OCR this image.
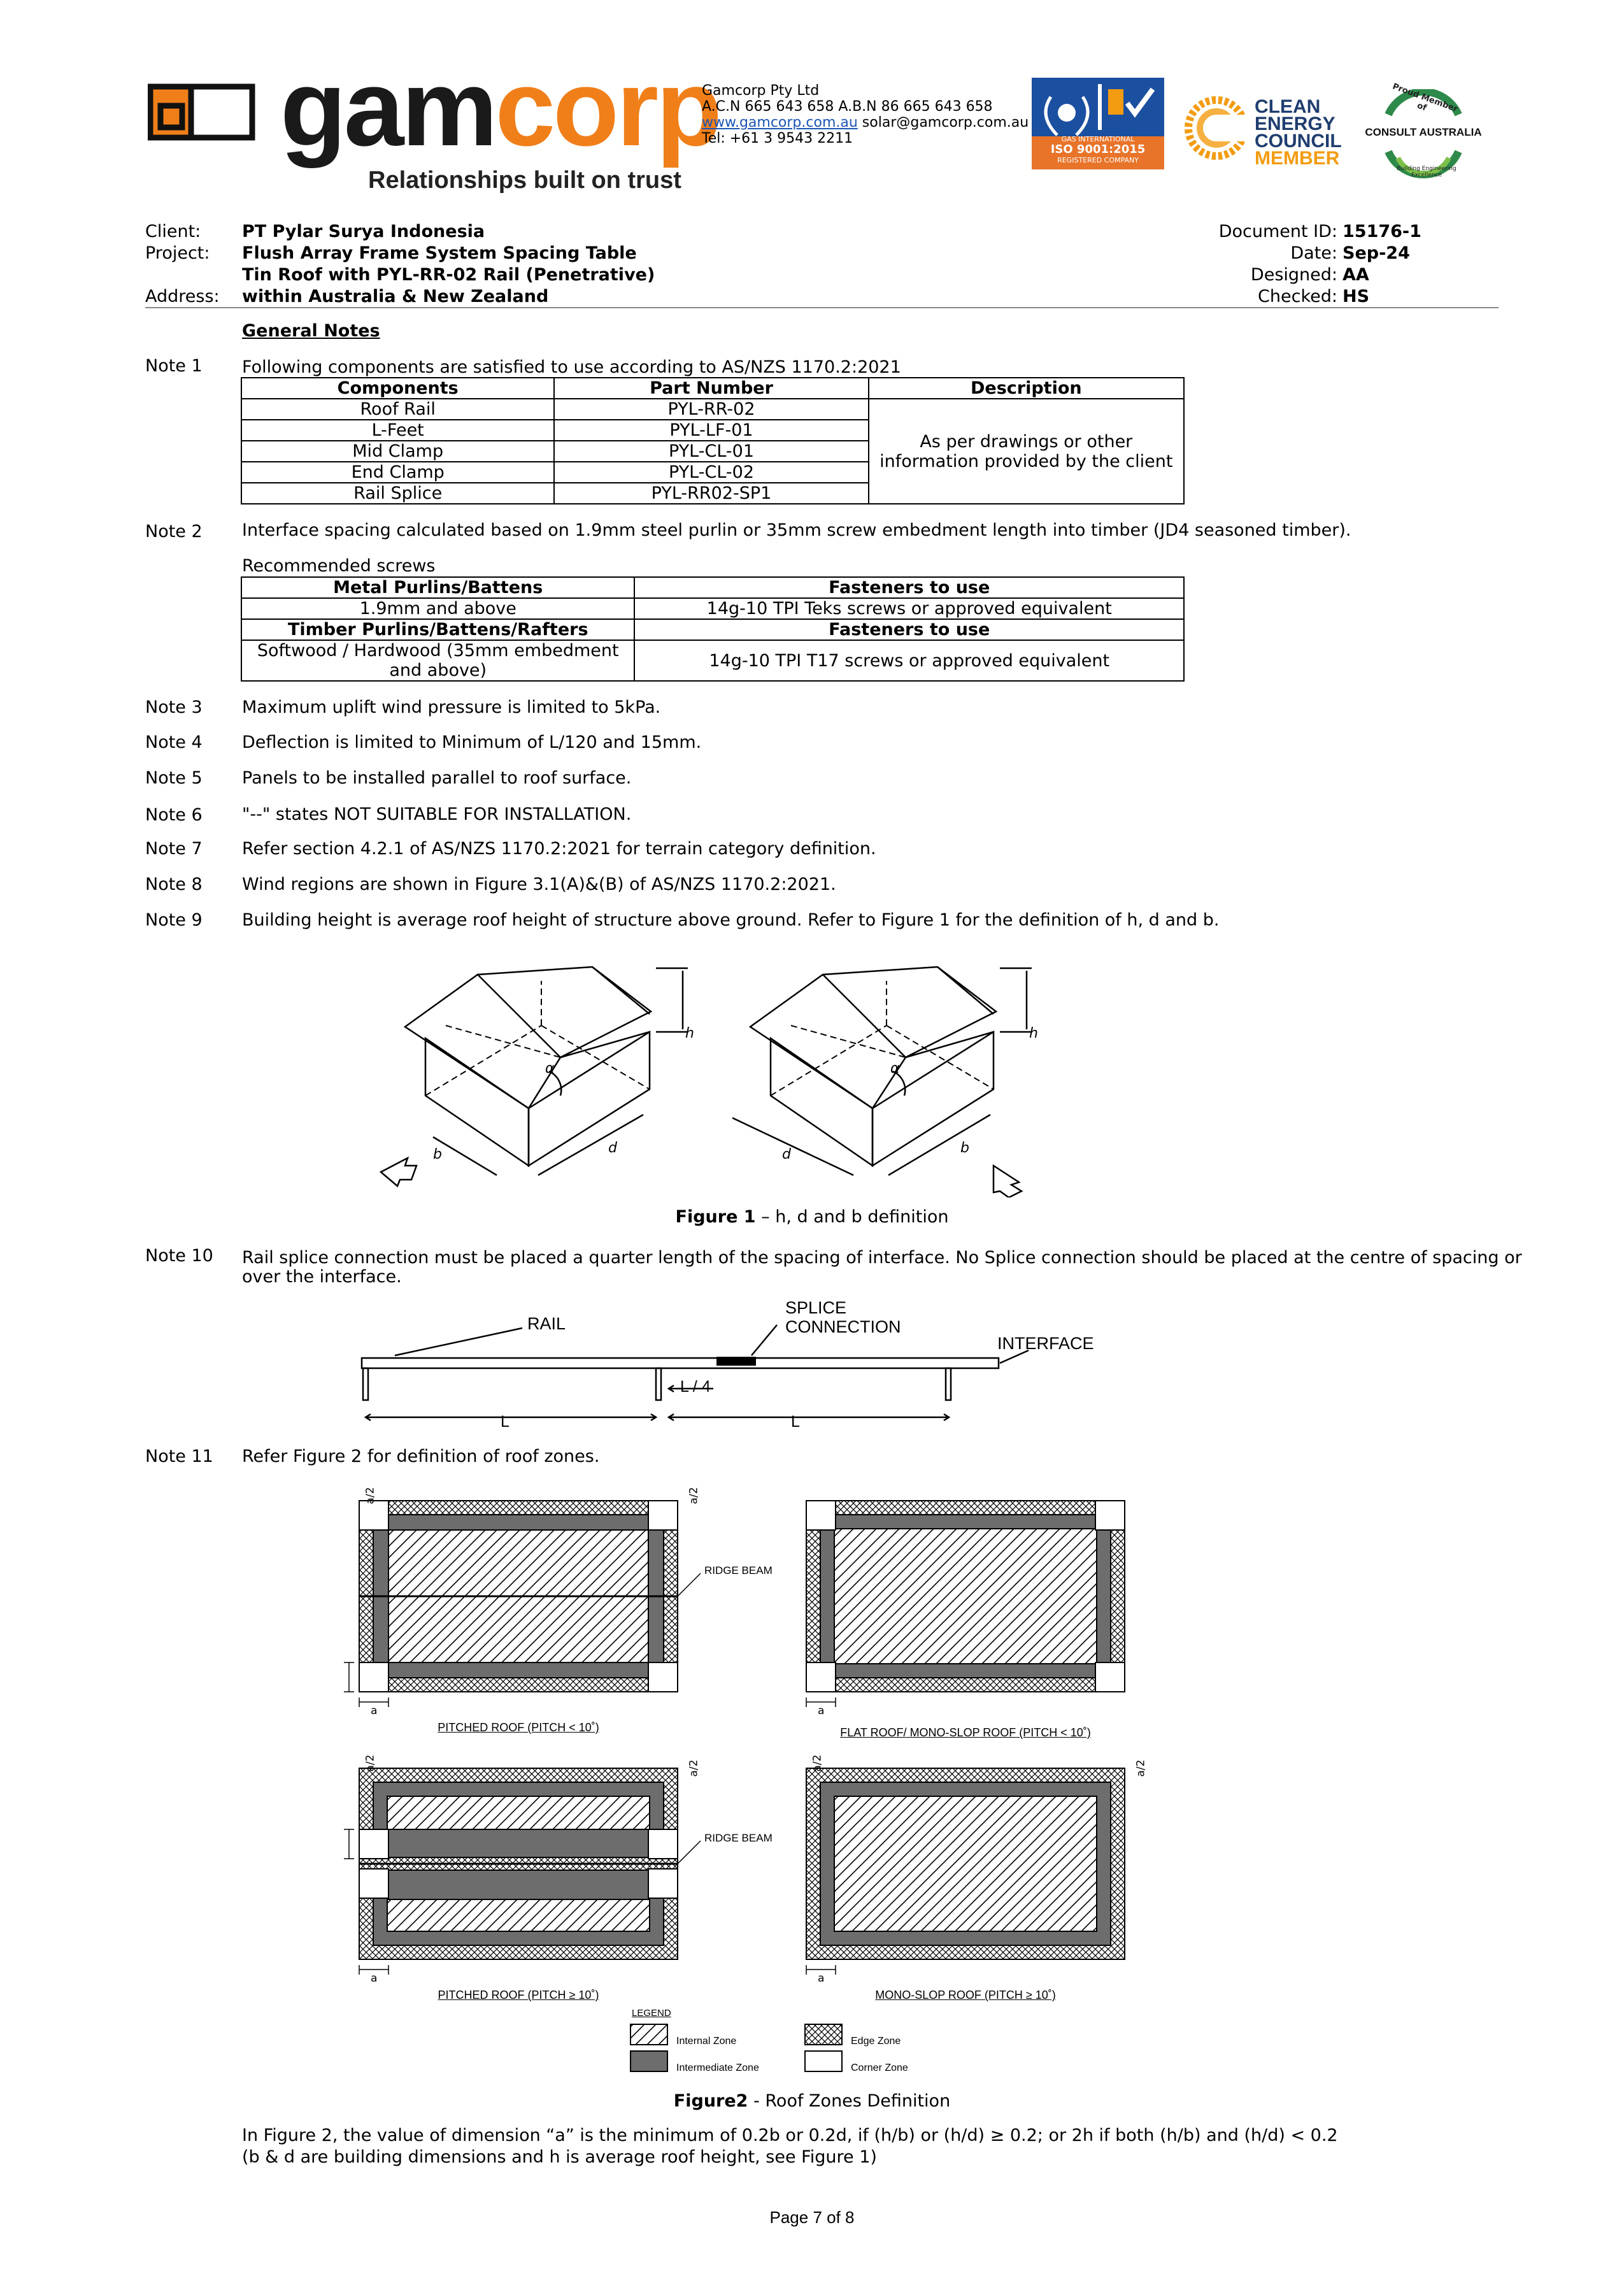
gamcorp
Relationships built on trust
Gamcorp Pty Ltd
A.C.N 665 643 658 A.B.N 86 665 643 658
www.gamcorp.com.au solar@gamcorp.com.au
Tel: +61 3 9543 2211	GAS INTERNATIONAL
ISO 9001:2015
REGISTERED COMPANY
CLEAN
ENERGY
COUNCIL
MEMBER
Proud Member of
CONSULT AUSTRALIA
Building Engineering Excellence
Client: PT Pylar Surya Indonesia
Project: Flush Array Frame System Spacing Table
Tin Roof with PYL-RR-02 Rail (Penetrative)
Address: within Australia & New Zealand
Document ID: 15176-1
Date: Sep-24
Designed: AA
Checked: HS
General Notes
Note 1 Following components are satisfied to use according to AS/NZS 1170.2:2021
Components	Part Number	Description
Roof Rail	PYL-RR-02	As per drawings or other
information provided by the client

L-Feet	PYL-LF-01	
Mid Clamp	PYL-CL-01	
End Clamp	PYL-CL-02	
Rail Splice	PYL-RR02-SP1	
Note 2 Interface spacing calculated based on 1.9mm steel purlin or 35mm screw embedment length into timber (JD4 seasoned timber).
Recommended screws
Metal Purlins/Battens	Fasteners to use
1.9mm and above	14g-10 TPI Teks screws or approved equivalent
Timber Purlins/Battens/Rafters	Fasteners to use

Softwood / Hardwood (35mm embedment
and above)	14g-10 TPI T17 screws or approved equivalent
Note 3 Maximum uplift wind pressure is limited to 5kPa.
Note 4 Deflection is limited to Minimum of L/120 and 15mm.
Note 5 Panels to be installed parallel to roof surface.
Note 6 "--" states NOT SUITABLE FOR INSTALLATION.
Note 7 Refer section 4.2.1 of AS/NZS 1170.2:2021 for terrain category definition.
Note 8 Wind regions are shown in Figure 3.1(A)&(B) of AS/NZS 1170.2:2021.
Note 9 Building height is average roof height of structure above ground. Refer to Figure 1 for the definition of h, d and b.
h
α
b	d
h
α
d	b
Figure 1 – h, d and b definition
Note 10 Rail splice connection must be placed a quarter length of the spacing of interface. No Splice connection should be placed at the centre of spacing or
over the interface.
RAIL
SPLICE
CONNECTION
INTERFACE
L / 4
L	L
Note 11 Refer Figure 2 for definition of roof zones.
RIDGE BEAM
RIDGE BEAM
a	a
a	a
a/2	a/2
a/2	a/2	a/2	a/2
PITCHED ROOF (PITCH < 10˚)	FLAT ROOF/ MONO-SLOP ROOF (PITCH < 10˚)
PITCHED ROOF (PITCH ≥ 10˚)	MONO-SLOP ROOF (PITCH ≥ 10˚)
LEGEND
Internal Zone
Intermediate Zone
Edge Zone
Corner Zone
Figure2 - Roof Zones Definition
In Figure 2, the value of dimension “a” is the minimum of 0.2b or 0.2d, if (h/b) or (h/d) ≥ 0.2; or 2h if both (h/b) and (h/d) < 0.2
(b & d are building dimensions and h is average roof height, see Figure 1)
Page 7 of 8
